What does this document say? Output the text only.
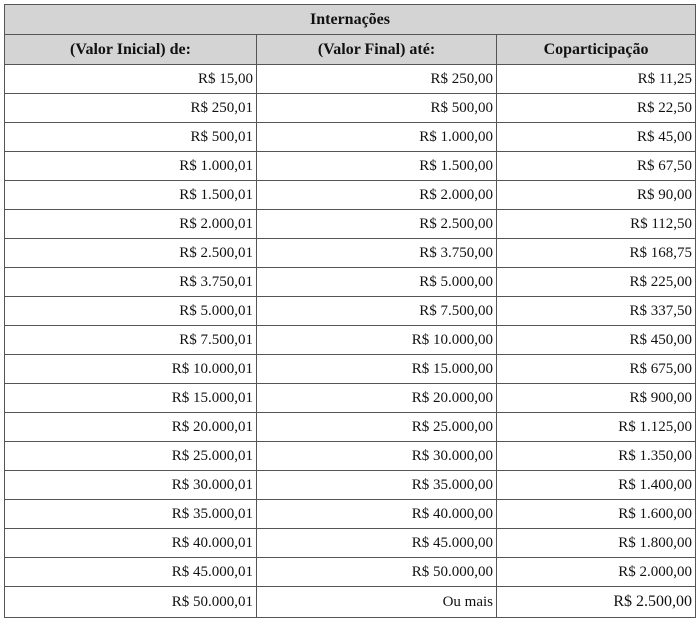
Internações		
(Valor Inicial) de:	(Valor Final) até:	Coparticipação
R$ 15,00	R$ 250,00	R$ 11,25
R$ 250,01	R$ 500,00	R$ 22,50
R$ 500,01	R$ 1.000,00	R$ 45,00
R$ 1.000,01	R$ 1.500,00	R$ 67,50
R$ 1.500,01	R$ 2.000,00	R$ 90,00
R$ 2.000,01	R$ 2.500,00	R$ 112,50
R$ 2.500,01	R$ 3.750,00	R$ 168,75
R$ 3.750,01	R$ 5.000,00	R$ 225,00
R$ 5.000,01	R$ 7.500,00	R$ 337,50
R$ 7.500,01	R$ 10.000,00	R$ 450,00
R$ 10.000,01	R$ 15.000,00	R$ 675,00
R$ 15.000,01	R$ 20.000,00	R$ 900,00
R$ 20.000,01	R$ 25.000,00	R$ 1.125,00
R$ 25.000,01	R$ 30.000,00	R$ 1.350,00
R$ 30.000,01	R$ 35.000,00	R$ 1.400,00
R$ 35.000,01	R$ 40.000,00	R$ 1.600,00
R$ 40.000,01	R$ 45.000,00	R$ 1.800,00
R$ 45.000,01	R$ 50.000,00	R$ 2.000,00
R$ 50.000,01	Ou mais	R$ 2.500,00
